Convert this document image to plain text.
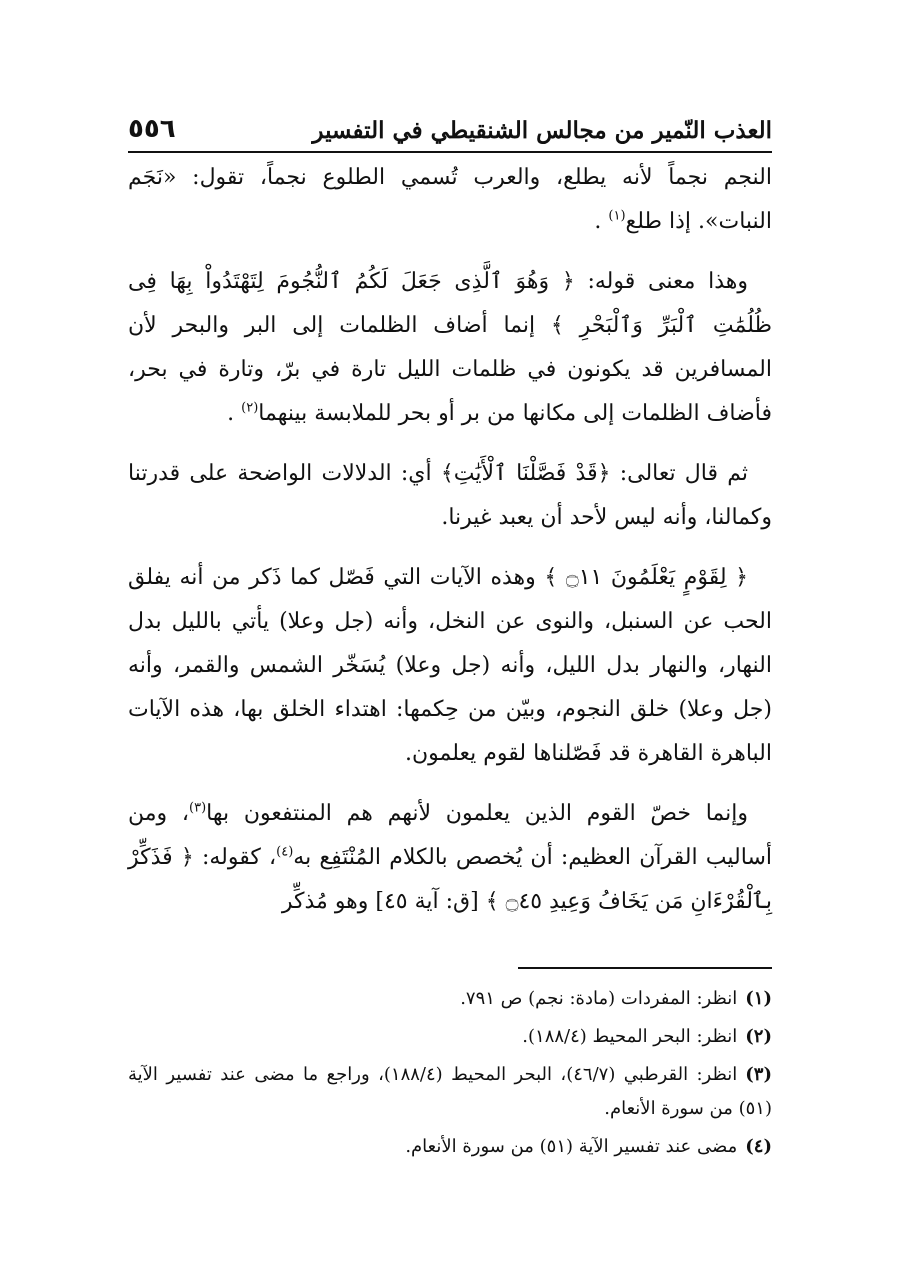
العذب النّمير من مجالس الشنقيطي في التفسير
٥٥٦

النجم نجماً لأنه يطلع، والعرب تُسمي الطلوع نجماً، تقول: «نَجَم النبات». إذا طلع$^{(١)}$ .

وهذا معنى قوله: ﴿ وَهُوَ ٱلَّذِى جَعَلَ لَكُمُ ٱلنُّجُومَ لِتَهْتَدُواْ بِهَا فِى ظُلُمَٰتِ ٱلْبَرِّ وَٱلْبَحْرِ ﴾ إنما أضاف الظلمات إلى البر والبحر لأن المسافرين قد يكونون في ظلمات الليل تارة في برّ، وتارة في بحر، فأضاف الظلمات إلى مكانها من بر أو بحر للملابسة بينهما$^{(٢)}$ .

ثم قال تعالى: ﴿قَدْ فَصَّلْنَا ٱلْأَيَٰتِ﴾ أي: الدلالات الواضحة على قدرتنا وكمالنا، وأنه ليس لأحد أن يعبد غيرنا.

﴿ لِقَوْمٍ يَعْلَمُونَ ۝١١ ﴾ وهذه الآيات التي فَصّل كما ذَكر من أنه يفلق الحب عن السنبل، والنوى عن النخل، وأنه (جل وعلا) يأتي بالليل بدل النهار، والنهار بدل الليل، وأنه (جل وعلا) يُسَخّر الشمس والقمر، وأنه (جل وعلا) خلق النجوم، وبيّن من حِكمها: اهتداء الخلق بها، هذه الآيات الباهرة القاهرة قد فَصّلناها لقوم يعلمون.

وإنما خصّ القوم الذين يعلمون لأنهم هم المنتفعون بها$^{(٣)}$، ومن أساليب القرآن العظيم: أن يُخصص بالكلام المُنْتَفِع به$^{(٤)}$، كقوله: ﴿ فَذَكِّرْ بِٱلْقُرْءَانِ مَن يَخَافُ وَعِيدِ ۝٤٥ ﴾ [ق: آية ٤٥] وهو مُذكِّر

(١)انظر: المفردات (مادة: نجم) ص ٧٩١.
(٢)انظر: البحر المحيط (١٨٨/٤).
(٣)انظر: القرطبي (٤٦/٧)، البحر المحيط (١٨٨/٤)، وراجع ما مضى عند تفسير الآية (٥١) من سورة الأنعام.
(٤)مضى عند تفسير الآية (٥١) من سورة الأنعام.
